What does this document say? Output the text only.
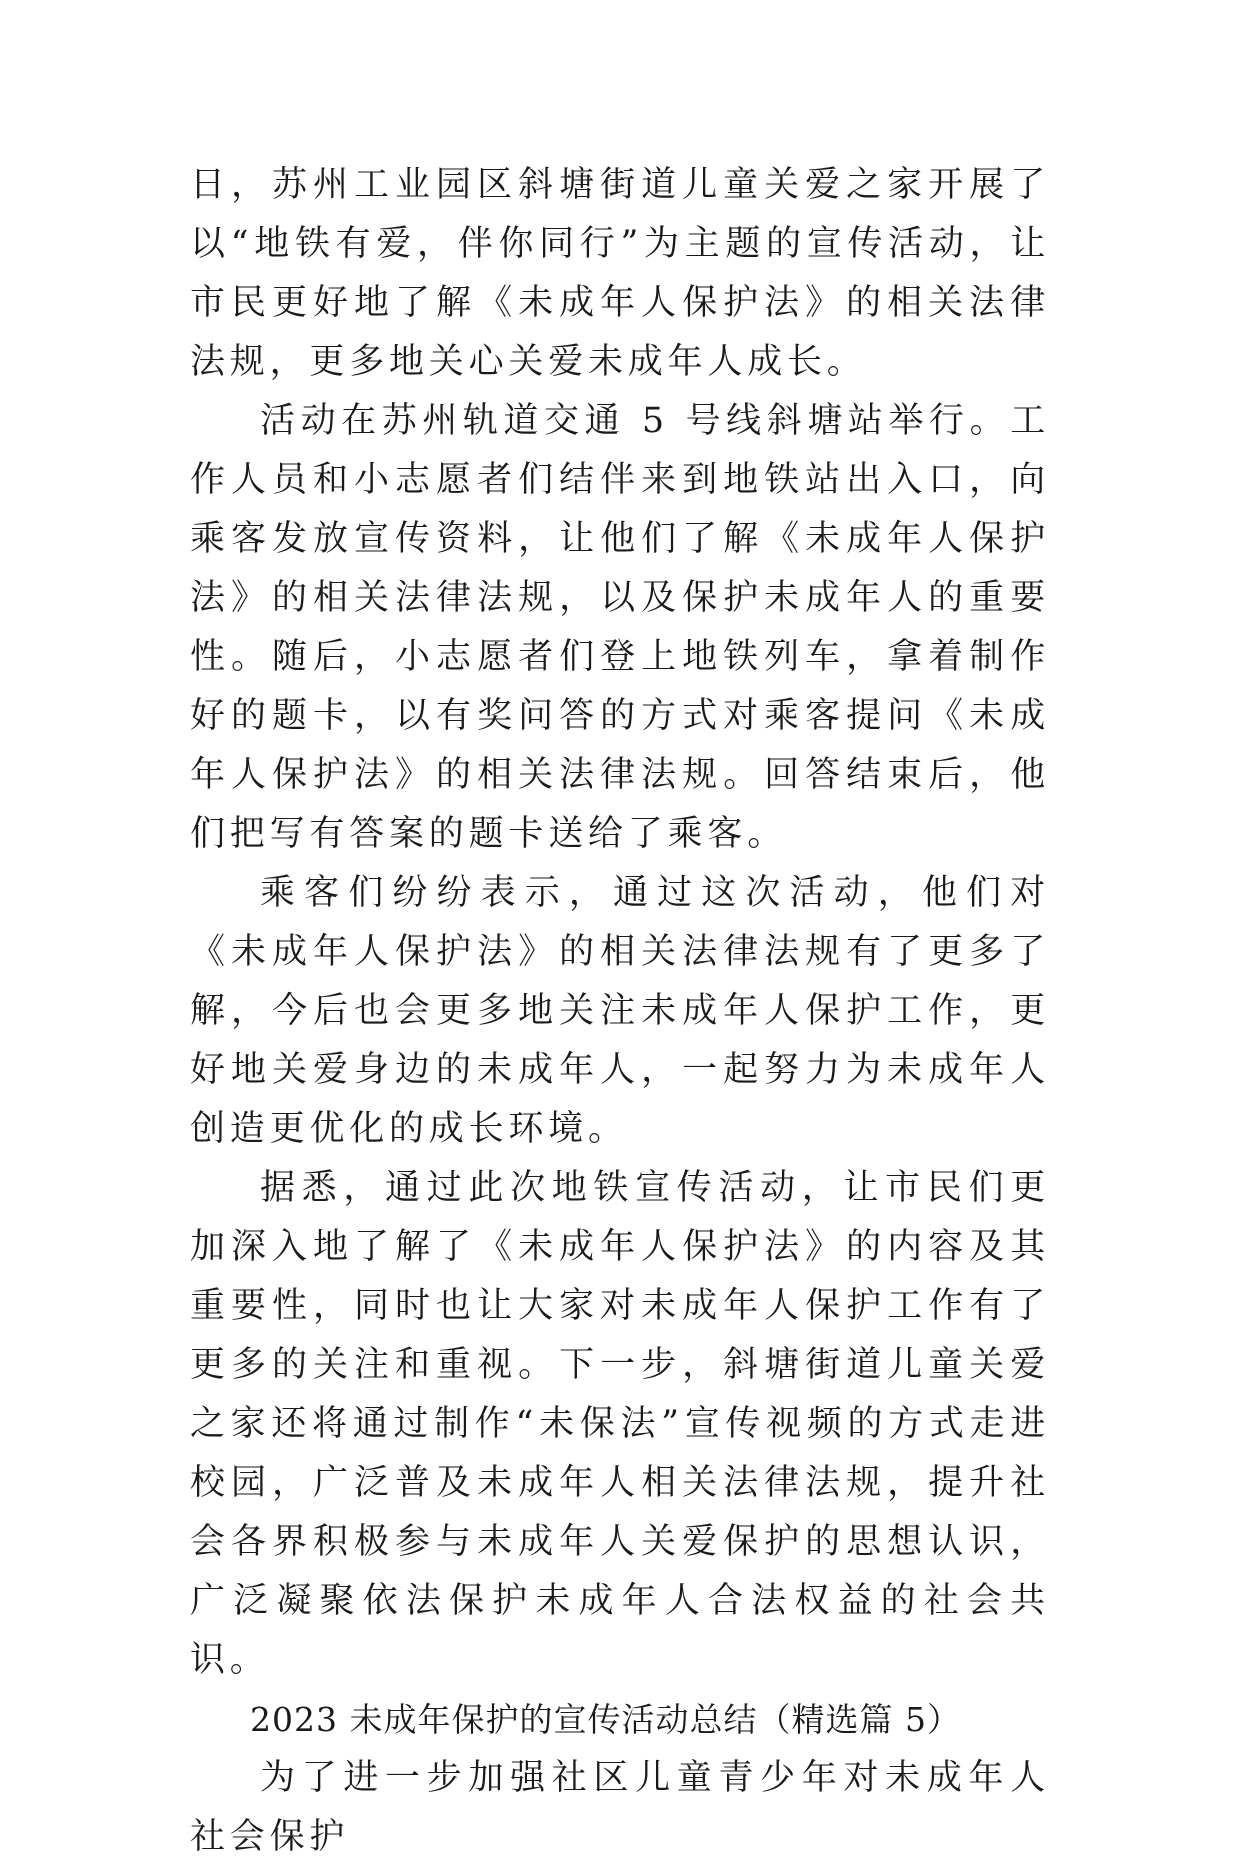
日，苏州工业园区斜塘街道儿童关爱之家开展了以“地铁有爱，伴你同行”为主题的宣传活动，让市民更好地了解《未成年人保护法》的相关法律法规，更多地关心关爱未成年人成长。

活动在苏州轨道交通 5 号线斜塘站举行。工作人员和小志愿者们结伴来到地铁站出入口，向乘客发放宣传资料，让他们了解《未成年人保护法》的相关法律法规，以及保护未成年人的重要性。随后，小志愿者们登上地铁列车，拿着制作好的题卡，以有奖问答的方式对乘客提问《未成年人保护法》的相关法律法规。回答结束后，他们把写有答案的题卡送给了乘客。

乘客们纷纷表示，通过这次活动，他们对《未成年人保护法》的相关法律法规有了更多了解，今后也会更多地关注未成年人保护工作，更好地关爱身边的未成年人，一起努力为未成年人创造更优化的成长环境。

据悉，通过此次地铁宣传活动，让市民们更加深入地了解了《未成年人保护法》的内容及其重要性，同时也让大家对未成年人保护工作有了更多的关注和重视。下一步，斜塘街道儿童关爱之家还将通过制作“未保法”宣传视频的方式走进校园，广泛普及未成年人相关法律法规，提升社会各界积极参与未成年人关爱保护的思想认识，广泛凝聚依法保护未成年人合法权益的社会共识。

2023 未成年保护的宣传活动总结（精选篇 5）

为了进一步加强社区儿童青少年对未成年人社会保护
